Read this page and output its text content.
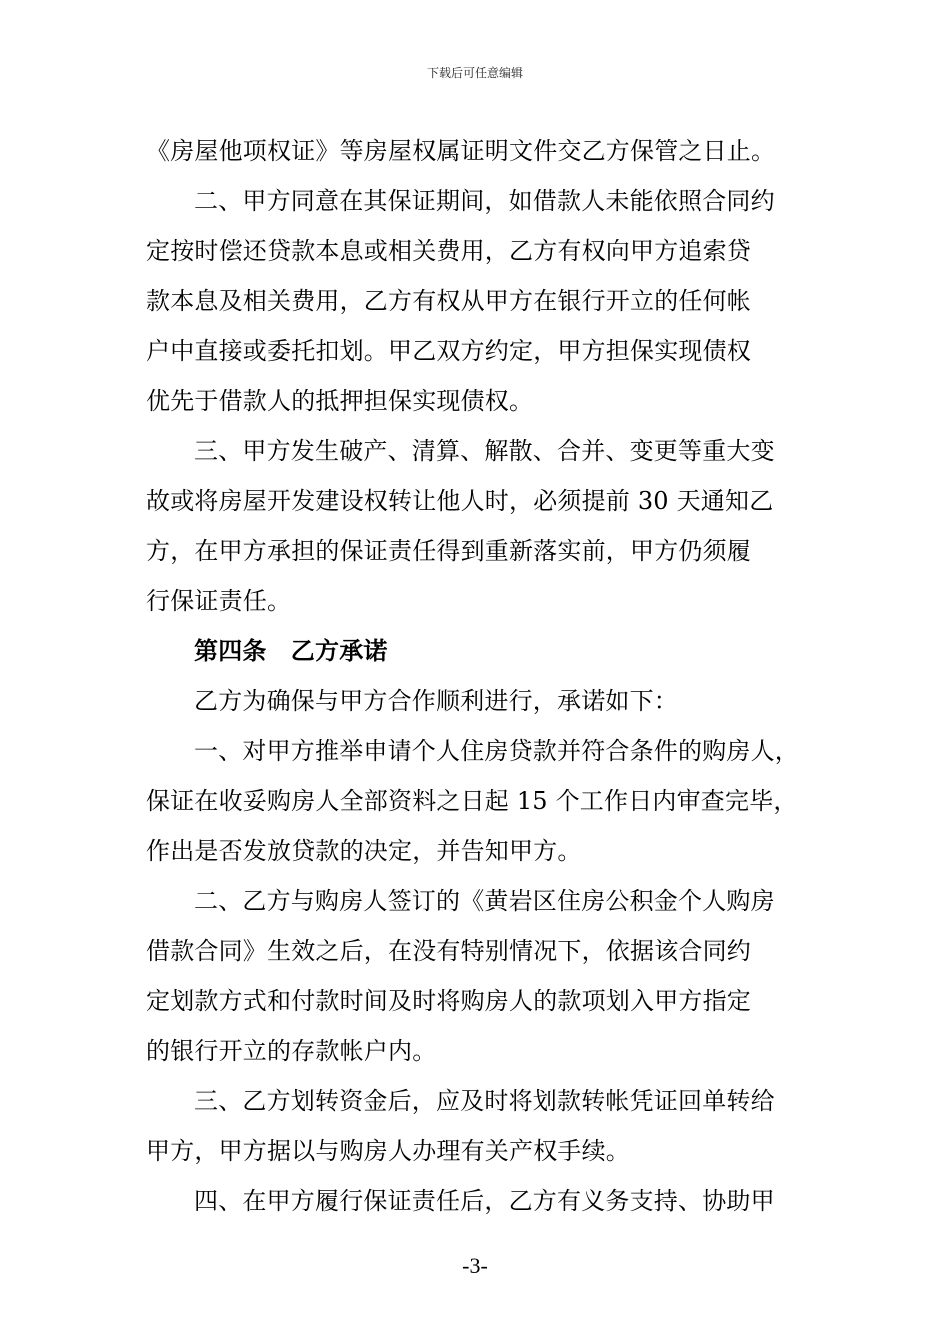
下载后可任意编辑
《房屋他项权证》等房屋权属证明文件交乙方保管之日止。
二、甲方同意在其保证期间，如借款人未能依照合同约
定按时偿还贷款本息或相关费用，乙方有权向甲方追索贷
款本息及相关费用，乙方有权从甲方在银行开立的任何帐
户中直接或委托扣划。甲乙双方约定，甲方担保实现债权
优先于借款人的抵押担保实现债权。
三、甲方发生破产、清算、解散、合并、变更等重大变
故或将房屋开发建设权转让他人时，必须提前 30 天通知乙
方，在甲方承担的保证责任得到重新落实前，甲方仍须履
行保证责任。
第四条　乙方承诺
乙方为确保与甲方合作顺利进行，承诺如下：
一、对甲方推举申请个人住房贷款并符合条件的购房人，
保证在收妥购房人全部资料之日起 15 个工作日内审查完毕，
作出是否发放贷款的决定，并告知甲方。
二、乙方与购房人签订的《黄岩区住房公积金个人购房
借款合同》生效之后，在没有特别情况下，依据该合同约
定划款方式和付款时间及时将购房人的款项划入甲方指定
的银行开立的存款帐户内。
三、乙方划转资金后，应及时将划款转帐凭证回单转给
甲方，甲方据以与购房人办理有关产权手续。
四、在甲方履行保证责任后，乙方有义务支持、协助甲
-3-
